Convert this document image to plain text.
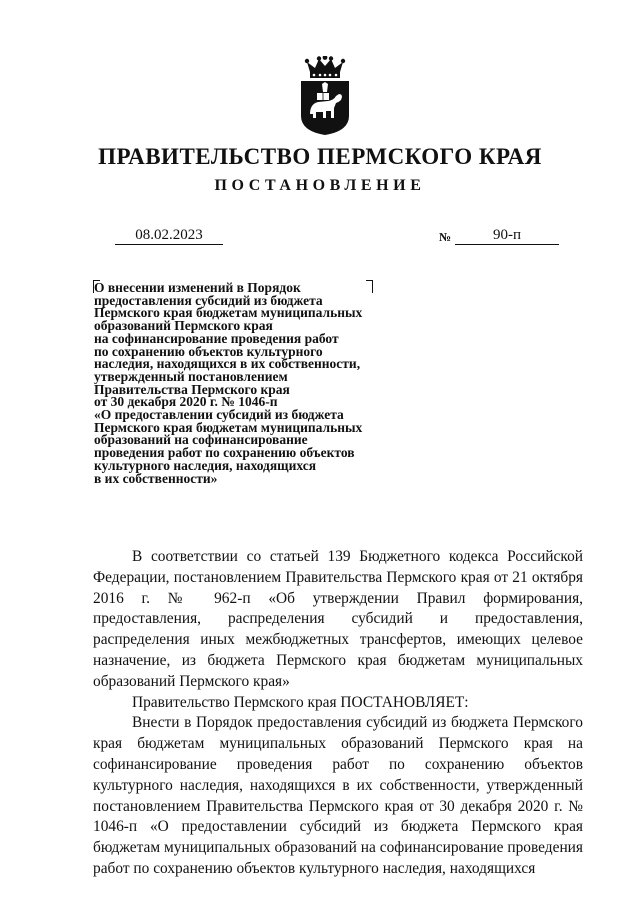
ПРАВИТЕЛЬСТВО ПЕРМСКОГО КРАЯ
ПОСТАНОВЛЕНИЕ
08.02.2023	№	90-п
О внесении изменений в Порядок
предоставления субсидий из бюджета
Пермского края бюджетам муниципальных
образований Пермского края
на софинансирование проведения работ
по сохранению объектов культурного
наследия, находящихся в их собственности,
утвержденный постановлением
Правительства Пермского края
от 30 декабря 2020 г. № 1046-п
«О предоставлении субсидий из бюджета
Пермского края бюджетам муниципальных
образований на софинансирование
проведения работ по сохранению объектов
культурного наследия, находящихся
в их собственности»

В соответствии со статьей 139 Бюджетного кодекса Российской Федерации, постановлением Правительства Пермского края от 21 октября 2016 г. № 962-п «Об утверждении Правил формирования, предоставления, распределения субсидий и предоставления, распределения иных межбюджетных трансфертов, имеющих целевое назначение, из бюджета Пермского края бюджетам муниципальных образований Пермского края»

Правительство Пермского края ПОСТАНОВЛЯЕТ:

Внести в Порядок предоставления субсидий из бюджета Пермского края бюджетам муниципальных образований Пермского края на софинансирование проведения работ по сохранению объектов культурного наследия, находящихся в их собственности, утвержденный постановлением Правительства Пермского края от 30 декабря 2020 г. № 1046-п «О предоставлении субсидий из бюджета Пермского края бюджетам муниципальных образований на софинансирование проведения работ по сохранению объектов культурного наследия, находящихся
